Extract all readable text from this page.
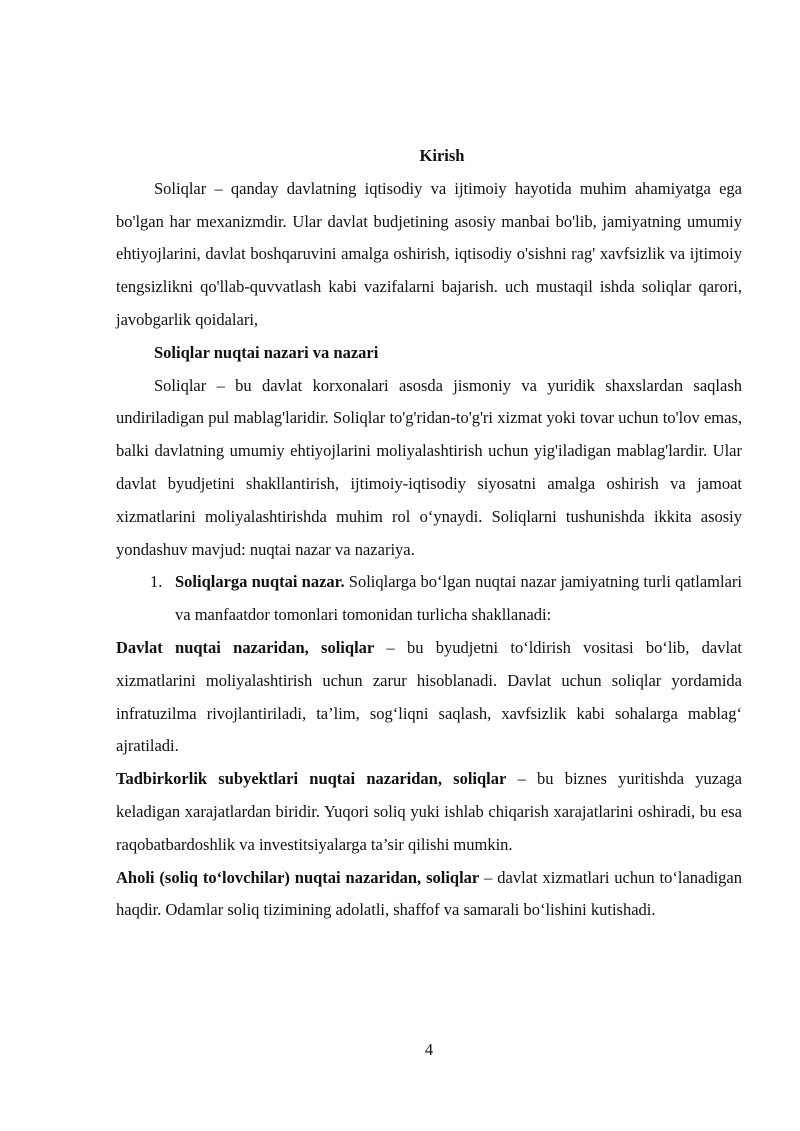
Kirish

Soliqlar – qanday davlatning iqtisodiy va ijtimoiy hayotida muhim ahamiyatga ega bo'lgan har mexanizmdir. Ular davlat budjetining asosiy manbai bo'lib, jamiyatning umumiy ehtiyojlarini, davlat boshqaruvini amalga oshirish, iqtisodiy o'sishni rag' xavfsizlik va ijtimoiy tengsizlikni qo'llab-quvvatlash kabi vazifalarni bajarish. uch mustaqil ishda soliqlar qarori, javobgarlik qoidalari,

Soliqlar nuqtai nazari va nazari

Soliqlar – bu davlat korxonalari asosda jismoniy va yuridik shaxslardan saqlash undiriladigan pul mablag'laridir. Soliqlar to'g'ridan-to'g'ri xizmat yoki tovar uchun to'lov emas, balki davlatning umumiy ehtiyojlarini moliyalashtirish uchun yig'iladigan mablag'lardir. Ular davlat byudjetini shakllantirish, ijtimoiy-iqtisodiy siyosatni amalga oshirish va jamoat xizmatlarini moliyalashtirishda muhim rol o‘ynaydi. Soliqlarni tushunishda ikkita asosiy yondashuv mavjud: nuqtai nazar va nazariya.

1. Soliqlarga nuqtai nazar. Soliqlarga bo‘lgan nuqtai nazar jamiyatning turli qatlamlari va manfaatdor tomonlari tomonidan turlicha shakllanadi:

Davlat nuqtai nazaridan, soliqlar – bu byudjetni to‘ldirish vositasi bo‘lib, davlat xizmatlarini moliyalashtirish uchun zarur hisoblanadi. Davlat uchun soliqlar yordamida infratuzilma rivojlantiriladi, ta’lim, sog‘liqni saqlash, xavfsizlik kabi sohalarga mablag‘ ajratiladi.

Tadbirkorlik subyektlari nuqtai nazaridan, soliqlar – bu biznes yuritishda yuzaga keladigan xarajatlardan biridir. Yuqori soliq yuki ishlab chiqarish xarajatlarini oshiradi, bu esa raqobatbardoshlik va investitsiyalarga ta’sir qilishi mumkin.

Aholi (soliq to‘lovchilar) nuqtai nazaridan, soliqlar – davlat xizmatlari uchun to‘lanadigan haqdir. Odamlar soliq tizimining adolatli, shaffof va samarali bo‘lishini kutishadi.

4
